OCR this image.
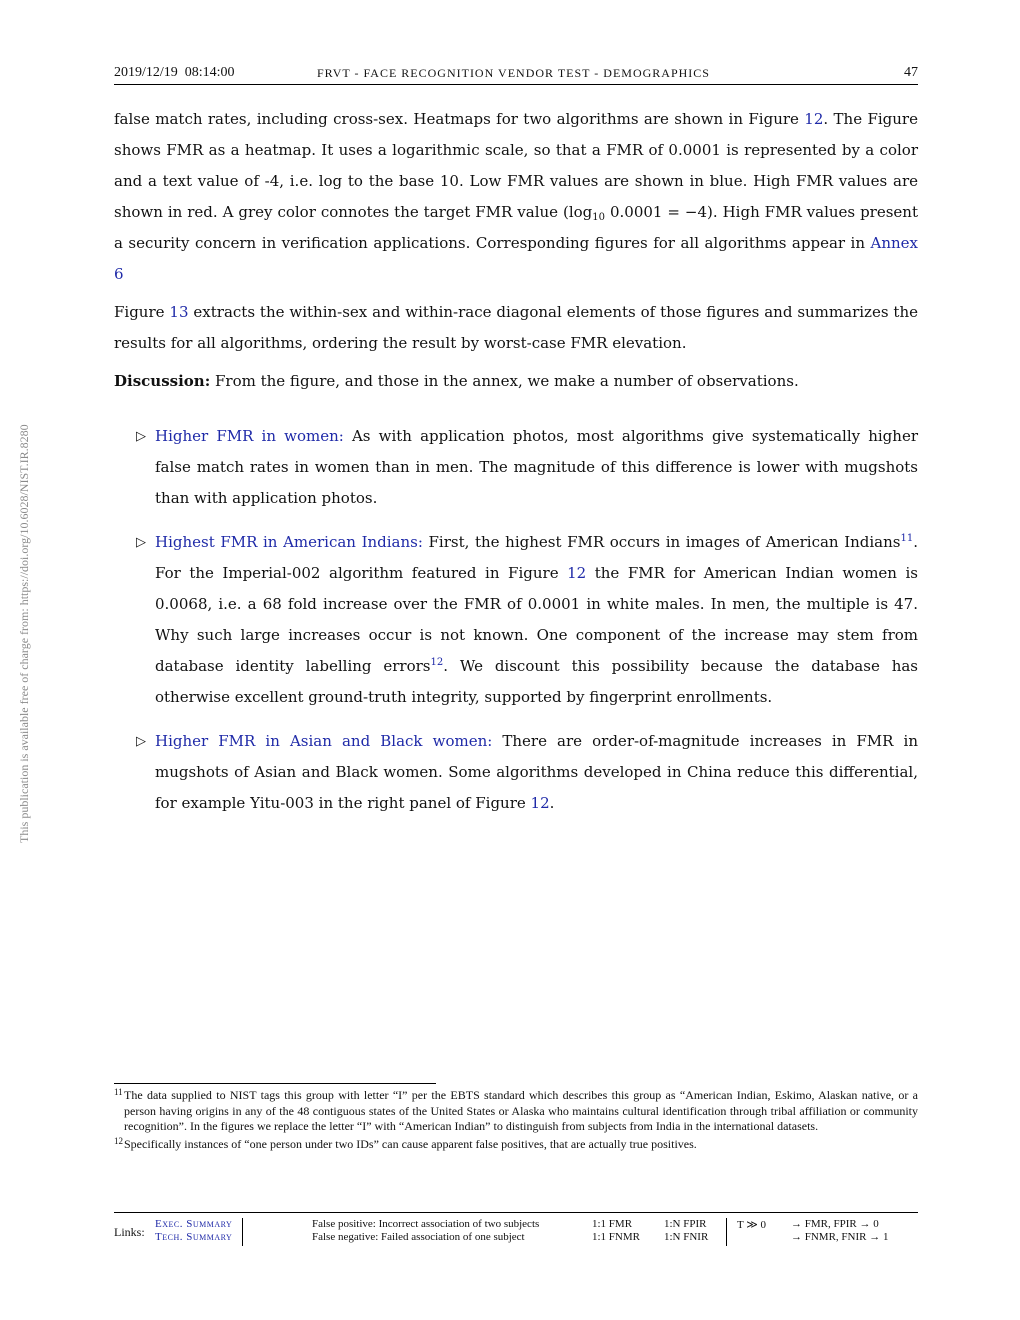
2019/12/19  08:14:00	FRVT - FACE RECOGNITION VENDOR TEST - DEMOGRAPHICS	47
This publication is available free of charge from: https://doi.org/10.6028/NIST.IR.8280

false match rates, including cross-sex. Heatmaps for two algorithms are shown in Figure 12. The Figure shows FMR as a heatmap. It uses a logarithmic scale, so that a FMR of 0.0001 is represented by a color and a text value of -4, i.e. log to the base 10. Low FMR values are shown in blue. High FMR values are shown in red. A grey color connotes the target FMR value ($\log_{10}$ 0.0001 = −4). High FMR values present a security concern in verification applications. Corresponding figures for all algorithms appear in Annex 6

Figure 13 extracts the within-sex and within-race diagonal elements of those figures and summarizes the results for all algorithms, ordering the result by worst-case FMR elevation.

Discussion: From the figure, and those in the annex, we make a number of observations.

▷ Higher FMR in women: As with application photos, most algorithms give systematically higher false match rates in women than in men. The magnitude of this difference is lower with mugshots than with application photos.
▷ Highest FMR in American Indians: First, the highest FMR occurs in images of American Indians$^{11}$. For the Imperial-002 algorithm featured in Figure 12 the FMR for American Indian women is 0.0068, i.e. a 68 fold increase over the FMR of 0.0001 in white males. In men, the multiple is 47. Why such large increases occur is not known. One component of the increase may stem from database identity labelling errors$^{12}$. We discount this possibility because the database has otherwise excellent ground-truth integrity, supported by fingerprint enrollments.
▷ Higher FMR in Asian and Black women: There are order-of-magnitude increases in FMR in mugshots of Asian and Black women. Some algorithms developed in China reduce this differential, for example Yitu-003 in the right panel of Figure 12.
11 The data supplied to NIST tags this group with letter “I” per the EBTS standard which describes this group as “American Indian, Eskimo, Alaskan native, or a person having origins in any of the 48 contiguous states of the United States or Alaska who maintains cultural identification through tribal affiliation or community recognition”. In the figures we replace the letter “I” with “American Indian” to distinguish from subjects from India in the international datasets.
12 Specifically instances of “one person under two IDs” can cause apparent false positives, that are actually true positives.
Links:
Exec. Summary
Tech. Summary
False positive: Incorrect association of two subjects
False negative: Failed association of one subject
1:1 FMR
1:1 FNMR
1:N FPIR
1:N FNIR
T ≫ 0 → FMR, FPIR → 0
→ FNMR, FNIR → 1
